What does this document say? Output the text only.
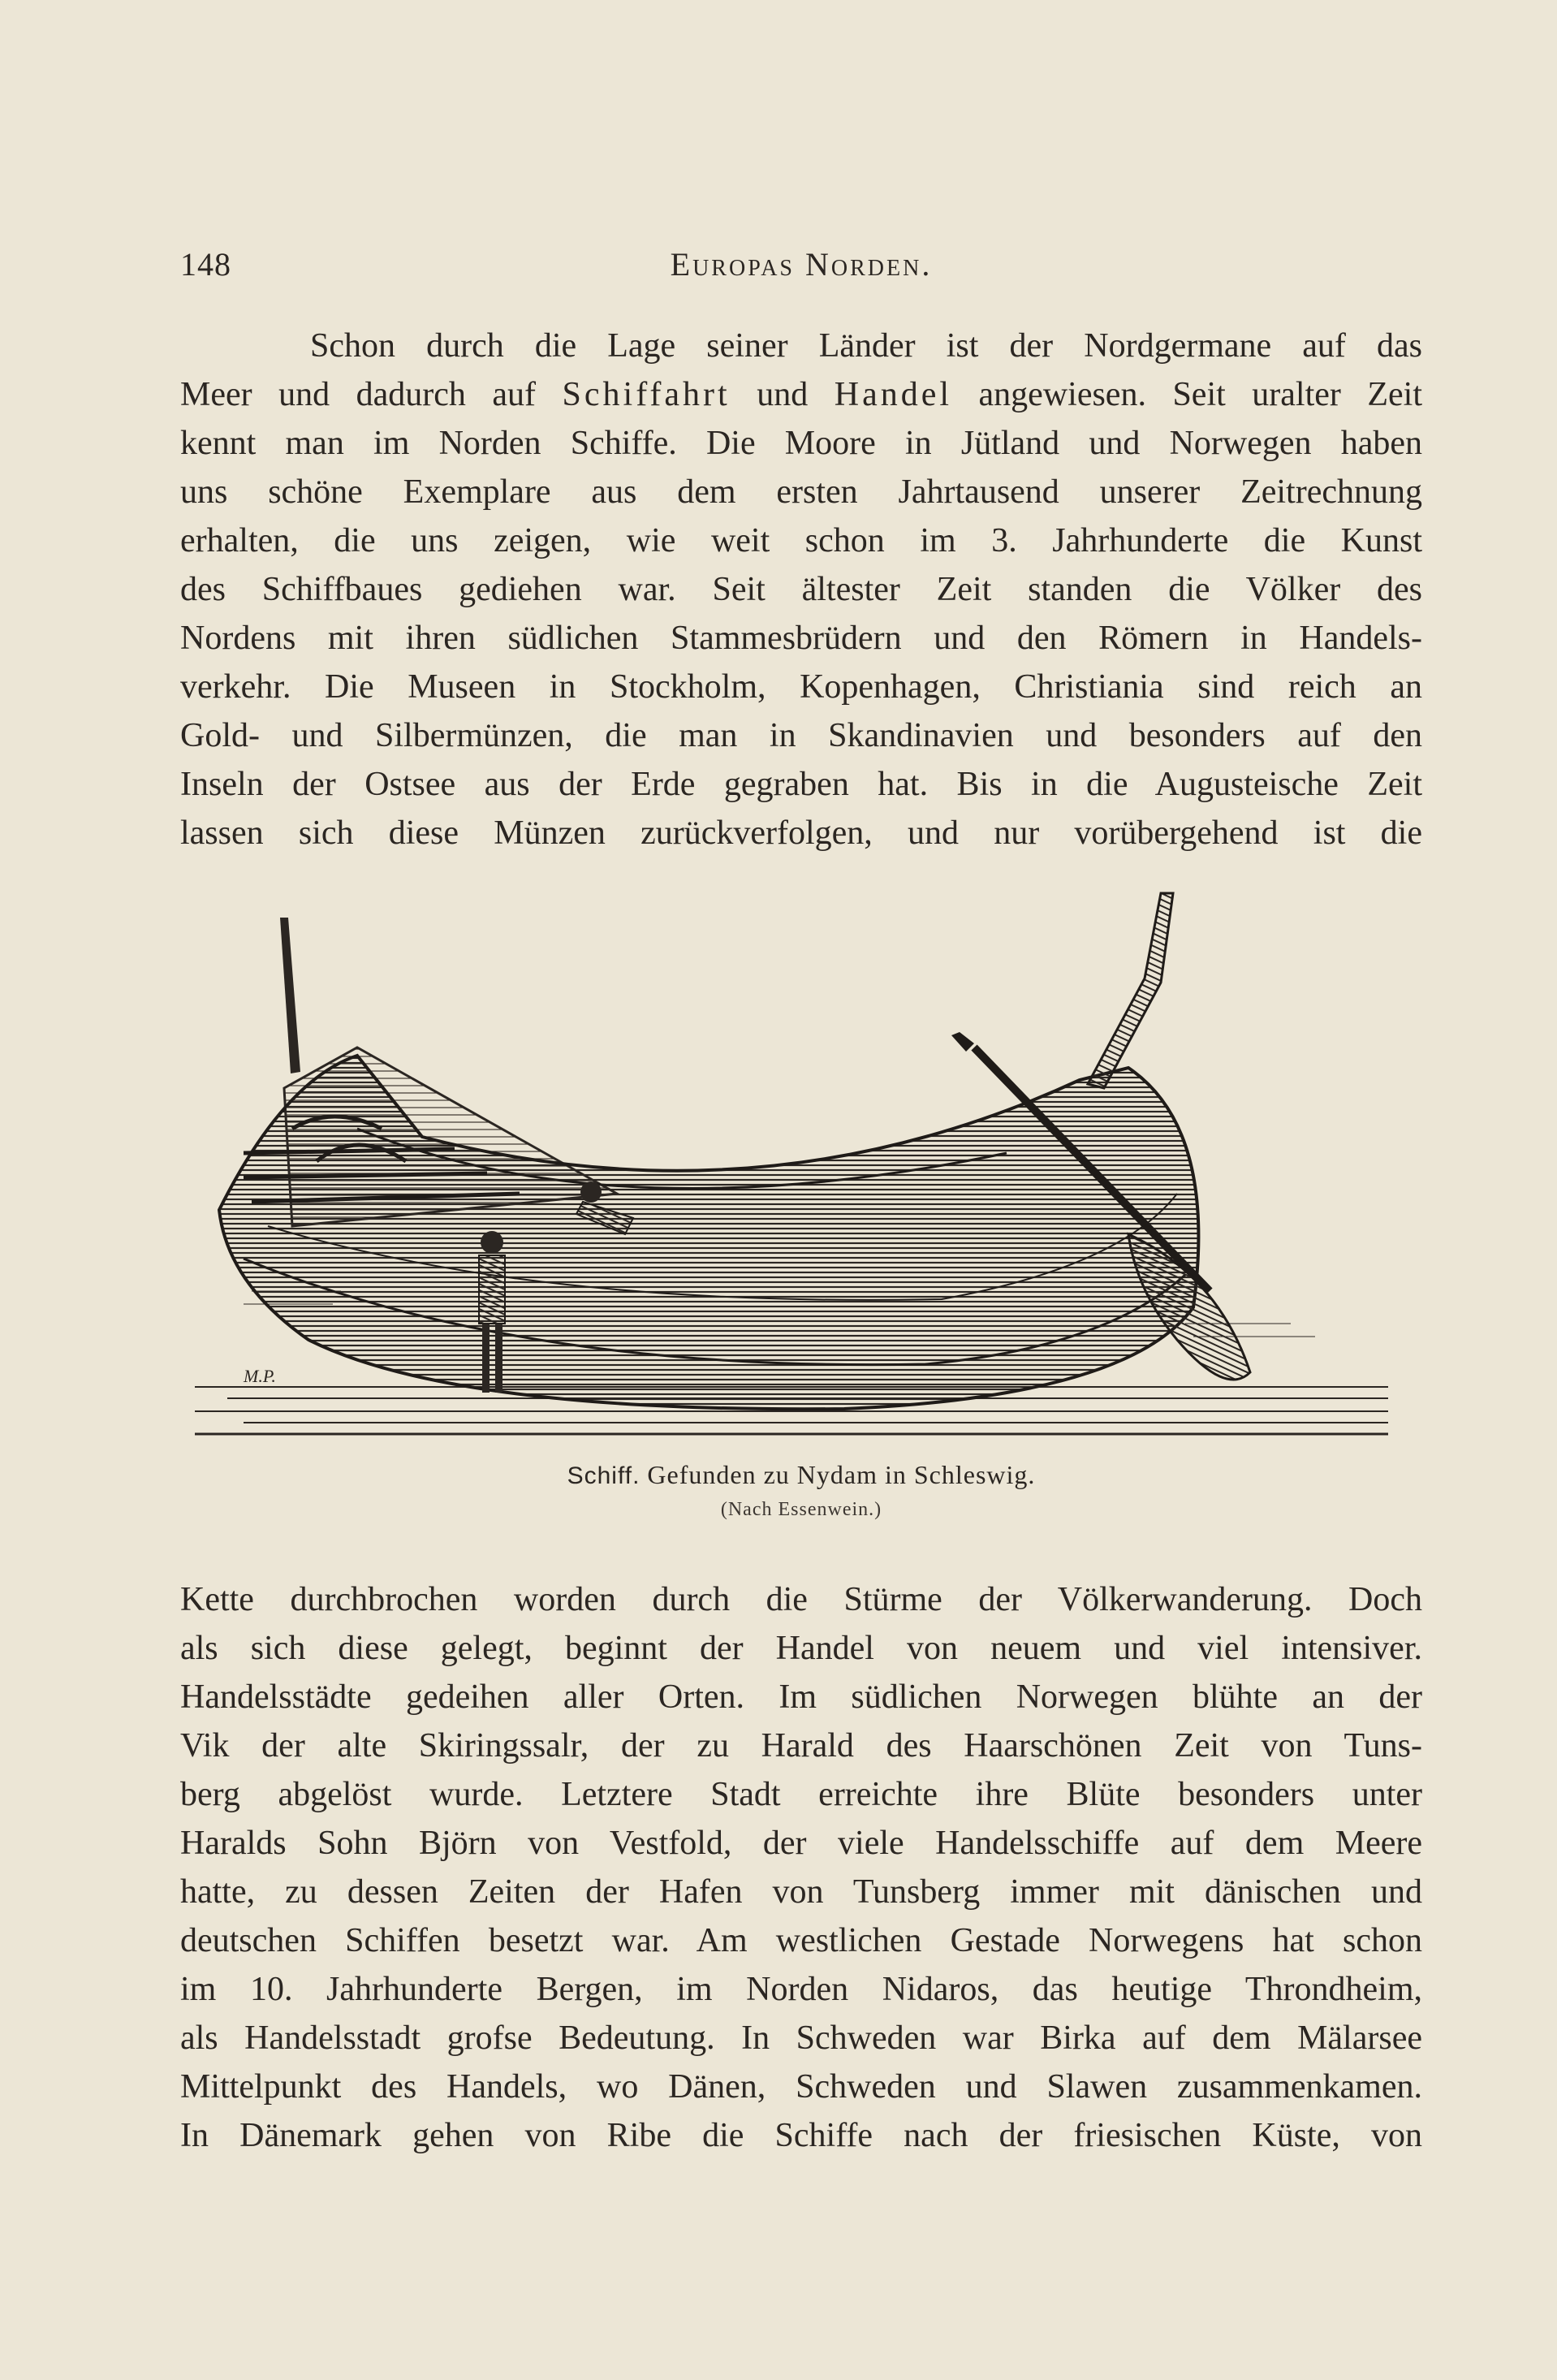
148	Europas Norden.
Schon durch die Lage seiner Länder ist der Nordgermane auf das
Meer und dadurch auf Schiffahrt und Handel angewiesen. Seit uralter Zeit
kennt man im Norden Schiffe. Die Moore in Jütland und Norwegen haben
uns schöne Exemplare aus dem ersten Jahrtausend unserer Zeitrechnung
erhalten, die uns zeigen, wie weit schon im 3. Jahrhunderte die Kunst
des Schiffbaues gediehen war. Seit ältester Zeit standen die Völker des
Nordens mit ihren südlichen Stammesbrüdern und den Römern in Handels-
verkehr. Die Museen in Stockholm, Kopenhagen, Christiania sind reich an
Gold- und Silbermünzen, die man in Skandinavien und besonders auf den
Inseln der Ostsee aus der Erde gegraben hat. Bis in die Augusteische Zeit
lassen sich diese Münzen zurückverfolgen, und nur vorübergehend ist die
M.P.
Schiff. Gefunden zu Nydam in Schleswig.
(Nach Essenwein.)
Kette durchbrochen worden durch die Stürme der Völkerwanderung. Doch
als sich diese gelegt, beginnt der Handel von neuem und viel intensiver.
Handelsstädte gedeihen aller Orten. Im südlichen Norwegen blühte an der
Vik der alte Skiringssalr, der zu Harald des Haarschönen Zeit von Tuns-
berg abgelöst wurde. Letztere Stadt erreichte ihre Blüte besonders unter
Haralds Sohn Björn von Vestfold, der viele Handelsschiffe auf dem Meere
hatte, zu dessen Zeiten der Hafen von Tunsberg immer mit dänischen und
deutschen Schiffen besetzt war. Am westlichen Gestade Norwegens hat schon
im 10. Jahrhunderte Bergen, im Norden Nidaros, das heutige Throndheim,
als Handelsstadt grofse Bedeutung. In Schweden war Birka auf dem Mälarsee
Mittelpunkt des Handels, wo Dänen, Schweden und Slawen zusammenkamen.
In Dänemark gehen von Ribe die Schiffe nach der friesischen Küste, von
